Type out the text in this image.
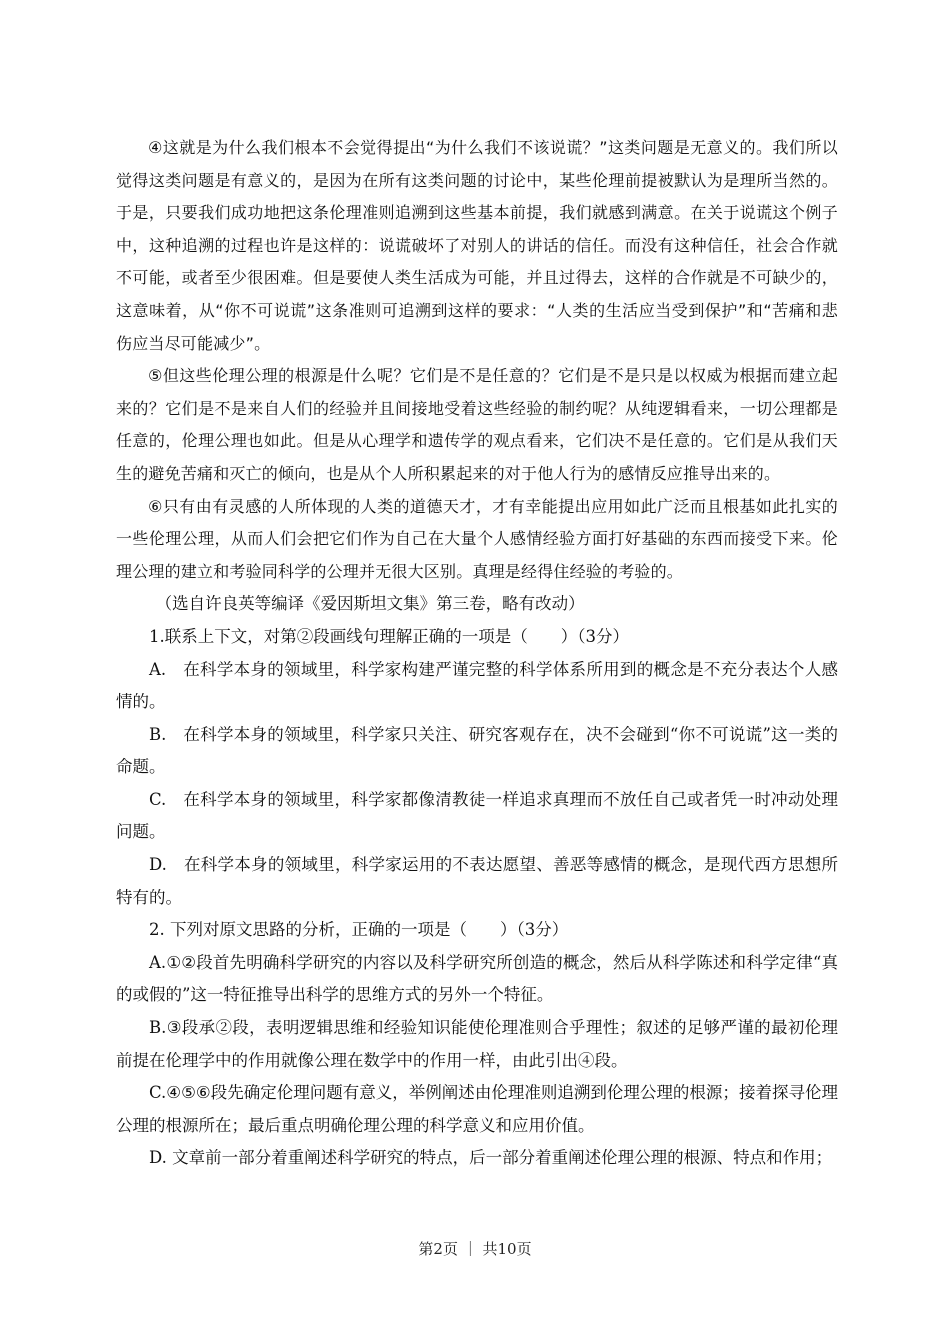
④这就是为什么我们根本不会觉得提出“为什么我们不该说谎？”这类问题是无意义的。我们所以觉得这类问题是有意义的，是因为在所有这类问题的讨论中，某些伦理前提被默认为是理所当然的。于是，只要我们成功地把这条伦理准则追溯到这些基本前提，我们就感到满意。在关于说谎这个例子中，这种追溯的过程也许是这样的：说谎破坏了对别人的讲话的信任。而没有这种信任，社会合作就不可能，或者至少很困难。但是要使人类生活成为可能，并且过得去，这样的合作就是不可缺少的，这意味着，从“你不可说谎”这条准则可追溯到这样的要求：“人类的生活应当受到保护”和“苦痛和悲伤应当尽可能减少”。

⑤但这些伦理公理的根源是什么呢？它们是不是任意的？它们是不是只是以权威为根据而建立起来的？它们是不是来自人们的经验并且间接地受着这些经验的制约呢？从纯逻辑看来，一切公理都是任意的，伦理公理也如此。但是从心理学和遗传学的观点看来，它们决不是任意的。它们是从我们天生的避免苦痛和灭亡的倾向，也是从个人所积累起来的对于他人行为的感情反应推导出来的。

⑥只有由有灵感的人所体现的人类的道德天才，才有幸能提出应用如此广泛而且根基如此扎实的一些伦理公理，从而人们会把它们作为自己在大量个人感情经验方面打好基础的东西而接受下来。伦理公理的建立和考验同科学的公理并无很大区别。真理是经得住经验的考验的。

（选自许良英等编译《爱因斯坦文集》第三卷，略有改动）

1.联系上下文，对第②段画线句理解正确的一项是（　　）（3分）

A.　在科学本身的领域里，科学家构建严谨完整的科学体系所用到的概念是不充分表达个人感情的。

B.　在科学本身的领域里，科学家只关注、研究客观存在，决不会碰到“你不可说谎”这一类的命题。

C.　在科学本身的领域里，科学家都像清教徒一样追求真理而不放任自己或者凭一时冲动处理问题。

D.　在科学本身的领域里，科学家运用的不表达愿望、善恶等感情的概念，是现代西方思想所特有的。

2. 下列对原文思路的分析，正确的一项是（　　）（3分）

A.①②段首先明确科学研究的内容以及科学研究所创造的概念，然后从科学陈述和科学定律“真的或假的”这一特征推导出科学的思维方式的另外一个特征。

B.③段承②段，表明逻辑思维和经验知识能使伦理准则合乎理性；叙述的足够严谨的最初伦理前提在伦理学中的作用就像公理在数学中的作用一样，由此引出④段。

C.④⑤⑥段先确定伦理问题有意义，举例阐述由伦理准则追溯到伦理公理的根源；接着探寻伦理公理的根源所在；最后重点明确伦理公理的科学意义和应用价值。

D. 文章前一部分着重阐述科学研究的特点，后一部分着重阐述伦理公理的根源、特点和作用；

第2页 ｜ 共10页
